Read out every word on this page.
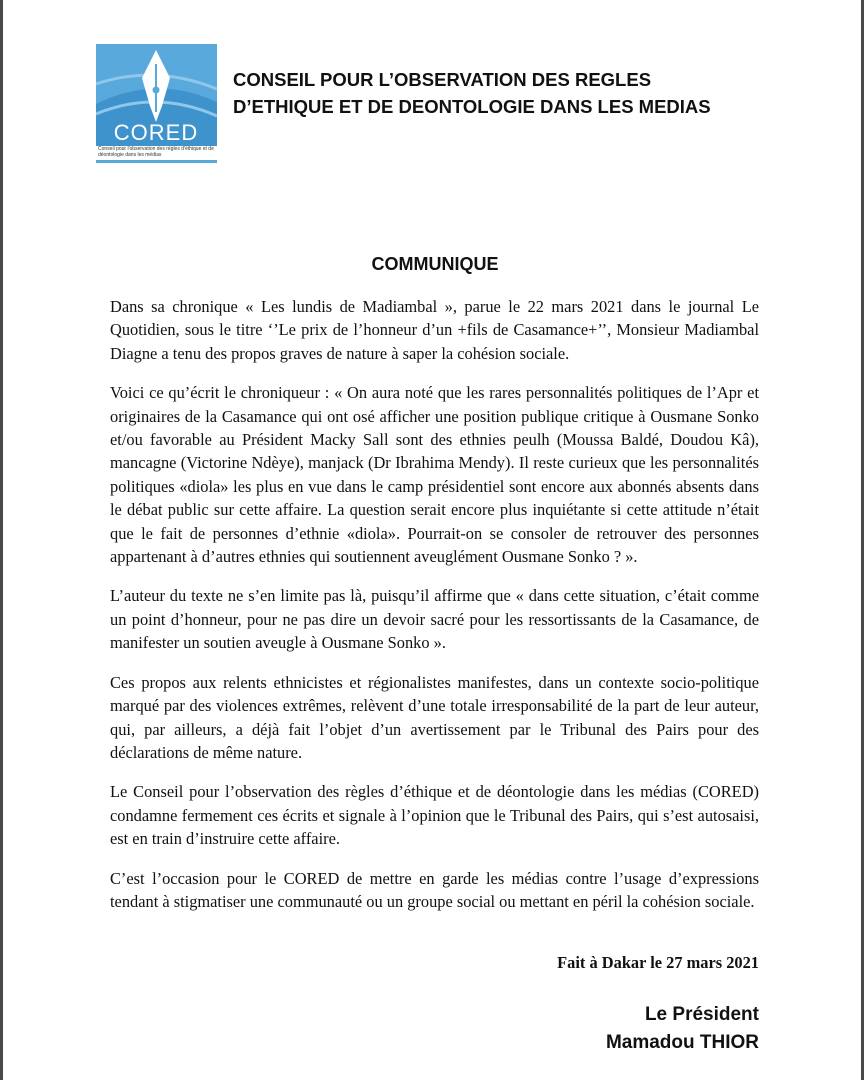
CORED
Conseil pour l'observation des règles d'éthique et de déontologie dans les médias
CONSEIL POUR L’OBSERVATION DES REGLES
D’ETHIQUE ET DE DEONTOLOGIE DANS LES MEDIAS
COMMUNIQUE

Dans sa chronique « Les lundis de Madiambal », parue le 22 mars 2021 dans le journal Le Quotidien, sous le titre ‘’Le prix de l’honneur d’un +fils de Casamance+’’, Monsieur Madiambal Diagne a tenu des propos graves de nature à saper la cohésion sociale.

Voici ce qu’écrit le chroniqueur : « On aura noté que les rares personnalités politiques de l’Apr et originaires de la Casamance qui ont osé afficher une position publique critique à Ousmane Sonko et/ou favorable au Président Macky Sall sont des ethnies peulh (Moussa Baldé, Doudou Kâ), mancagne (Victorine Ndèye), manjack (Dr Ibrahima Mendy). Il reste curieux que les personnalités politiques «diola» les plus en vue dans le camp présidentiel sont encore aux abonnés absents dans le débat public sur cette affaire. La question serait encore plus inquiétante si cette attitude n’était que le fait de personnes d’ethnie «diola». Pourrait-on se consoler de retrouver des personnes appartenant à d’autres ethnies qui soutiennent aveuglément Ousmane Sonko ? ».

L’auteur du texte ne s’en limite pas là, puisqu’il affirme que « dans cette situation, c’était comme un point d’honneur, pour ne pas dire un devoir sacré pour les ressortissants de la Casamance, de manifester un soutien aveugle à Ousmane Sonko ».

Ces propos aux relents ethnicistes et régionalistes manifestes, dans un contexte socio-politique marqué par des violences extrêmes, relèvent d’une totale irresponsabilité de la part de leur auteur, qui, par ailleurs, a déjà fait l’objet d’un avertissement par le Tribunal des Pairs pour des déclarations de même nature.

Le Conseil pour l’observation des règles d’éthique et de déontologie dans les médias (CORED) condamne fermement ces écrits et signale à l’opinion que le Tribunal des Pairs, qui s’est autosaisi, est en train d’instruire cette affaire.

C’est l’occasion pour le CORED de mettre en garde les médias contre l’usage d’expressions tendant à stigmatiser une communauté ou un groupe social ou mettant en péril la cohésion sociale.

Fait à Dakar le 27 mars 2021
Le Président
Mamadou THIOR
